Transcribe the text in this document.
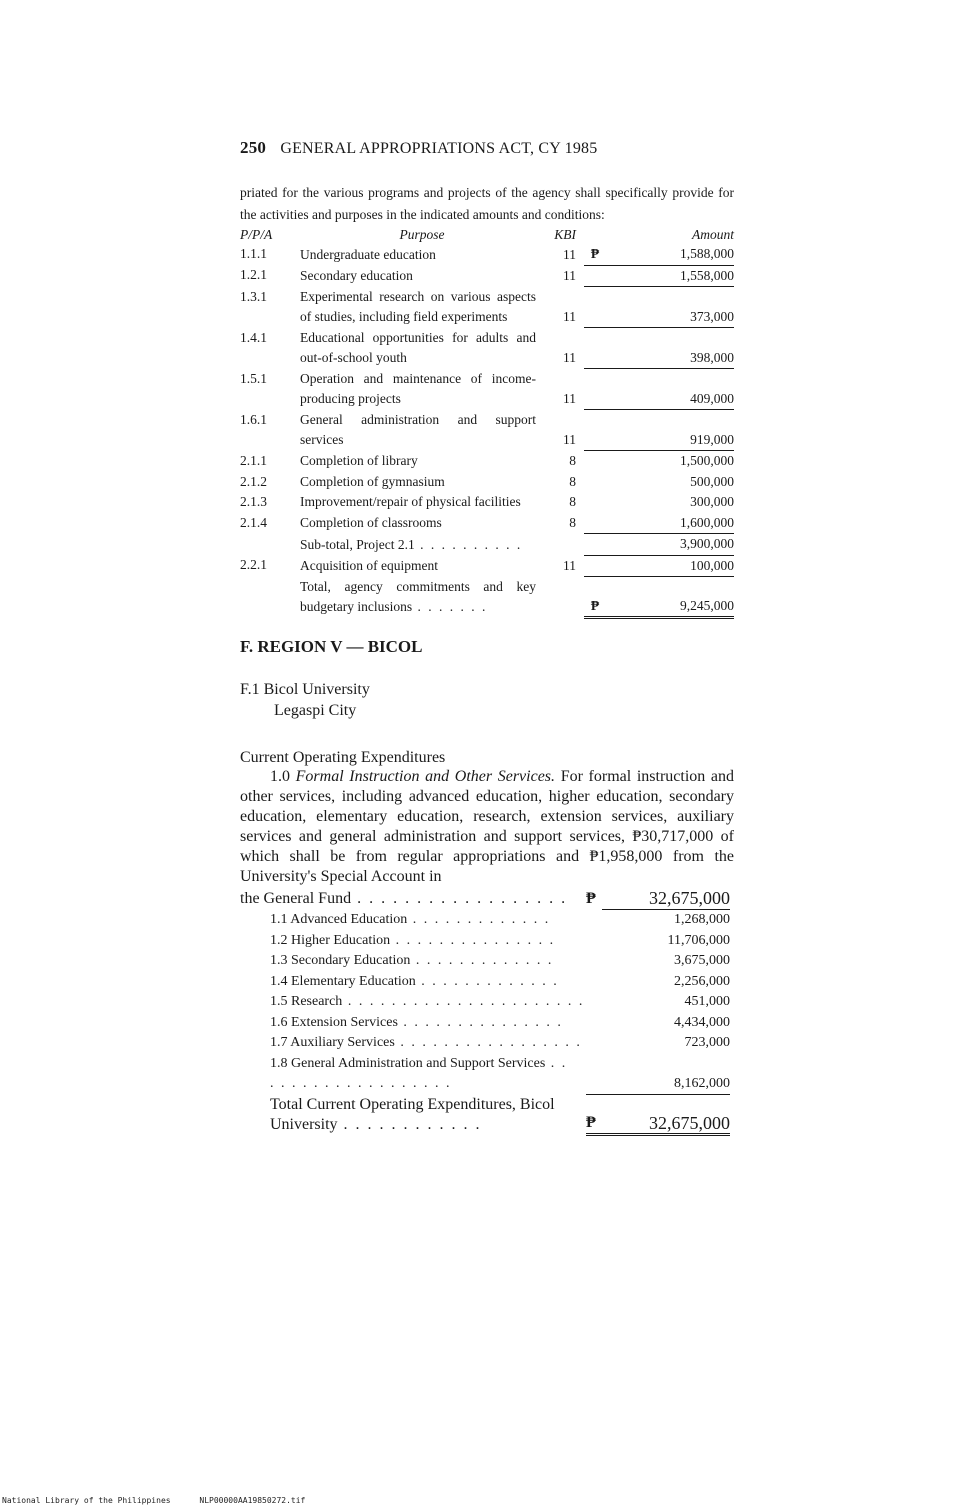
250 GENERAL APPROPRIATIONS ACT, CY 1985
priated for the various programs and projects of the agency shall specifically provide for the activities and purposes in the indicated amounts and conditions:
P/P/A	Purpose	KBI		Amount
1.1.1	Undergraduate education	11	₱	1,588,000
1.2.1	Secondary education	11		1,558,000
1.3.1	Experimental research on various aspects of studies, including field experiments	11		373,000
1.4.1	Educational opportunities for adults and out-of-school youth	11		398,000
1.5.1	Operation and maintenance of income-producing projects	11		409,000
1.6.1	General administration and support services	11		919,000
2.1.1	Completion of library	8		1,500,000
2.1.2	Completion of gymnasium	8		500,000
2.1.3	Improvement/repair of physical facilities	8		300,000
2.1.4	Completion of classrooms	8		1,600,000
	Sub-total, Project 2.1 . . . . . . . . . .			3,900,000
2.2.1	Acquisition of equipment	11		100,000
	Total, agency commitments and key budgetary inclusions . . . . . . .		₱	9,245,000
F. REGION V — BICOL
F.1 Bicol University
Legaspi City
Current Operating Expenditures
1.0 Formal Instruction and Other Services. For formal instruction and other services, including advanced education, higher education, secondary education, elementary education, research, extension services, auxiliary services and general administration and support services, ₱30,717,000 of which shall be from regular appropriations and ₱1,958,000 from the University's Special Account in
the General Fund . . . . . . . . . . . . . . . . . .	₱	32,675,000
1.1 Advanced Education . . . . . . . . . . . . .		1,268,000
1.2 Higher Education . . . . . . . . . . . . . . .		11,706,000
1.3 Secondary Education . . . . . . . . . . . . .		3,675,000
1.4 Elementary Education . . . . . . . . . . . . .		2,256,000
1.5 Research . . . . . . . . . . . . . . . . . . . . . .		451,000
1.6 Extension Services . . . . . . . . . . . . . . .		4,434,000
1.7 Auxiliary Services . . . . . . . . . . . . . . . . .		723,000

1.8 General Administration and Support Services . . . . . . . . . . . . . . . . . . .		8,162,000
Total Current Operating Expenditures, Bicol University . . . . . . . . . . . .	₱	32,675,000
National Library of the Philippines	NLP00000AA19850272.tif
